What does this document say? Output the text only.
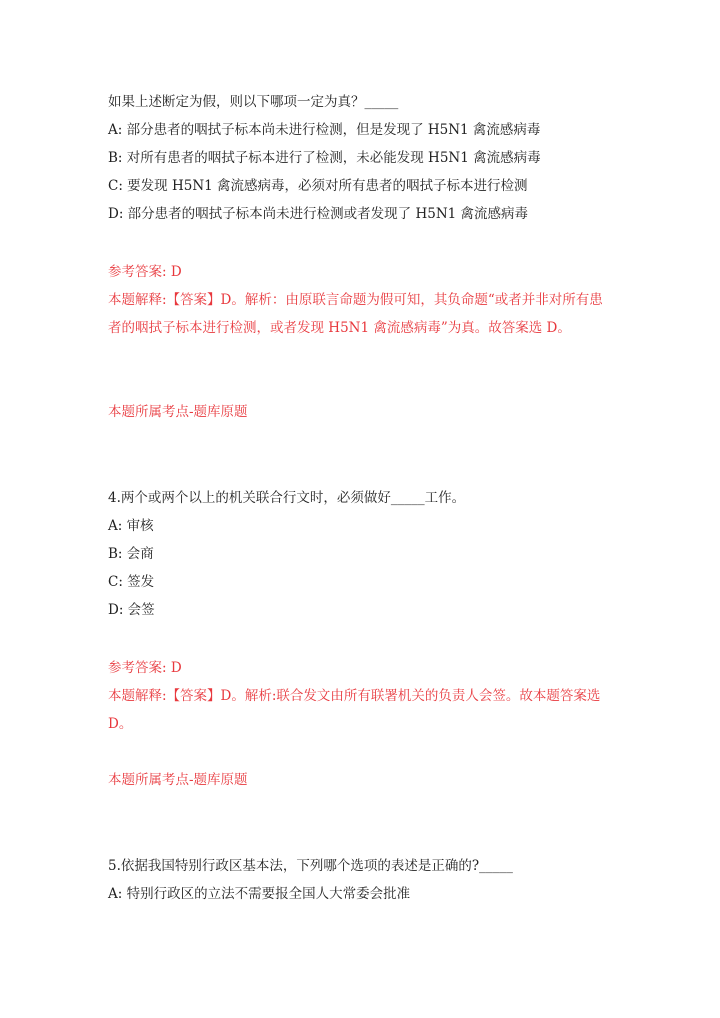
如果上述断定为假，则以下哪项一定为真？_____
A: 部分患者的咽拭子标本尚未进行检测，但是发现了 H5N1 禽流感病毒
B: 对所有患者的咽拭子标本进行了检测，未必能发现 H5N1 禽流感病毒
C: 要发现 H5N1 禽流感病毒，必须对所有患者的咽拭子标本进行检测
D: 部分患者的咽拭子标本尚未进行检测或者发现了 H5N1 禽流感病毒
参考答案: D
本题解释:【答案】D。解析：由原联言命题为假可知，其负命题“或者并非对所有患者的咽拭子标本进行检测，或者发现 H5N1 禽流感病毒”为真。故答案选 D。
本题所属考点-题库原题
4.两个或两个以上的机关联合行文时，必须做好_____工作。
A: 审核
B: 会商
C: 签发
D: 会签
参考答案: D
本题解释:【答案】D。解析:联合发文由所有联署机关的负责人会签。故本题答案选 D。
本题所属考点-题库原题
5.依据我国特别行政区基本法，下列哪个选项的表述是正确的?_____
A: 特别行政区的立法不需要报全国人大常委会批准
